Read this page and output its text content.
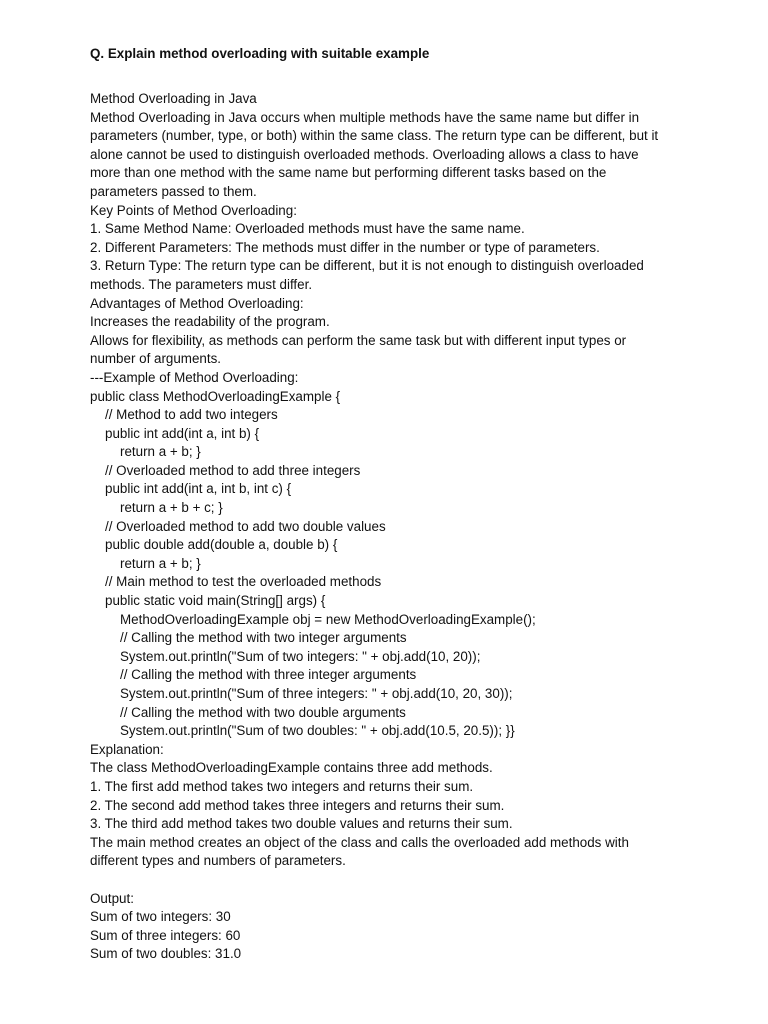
Q. Explain method overloading with suitable example

Method Overloading in Java

Method Overloading in Java occurs when multiple methods have the same name but differ in

parameters (number, type, or both) within the same class. The return type can be different, but it

alone cannot be used to distinguish overloaded methods. Overloading allows a class to have

more than one method with the same name but performing different tasks based on the

parameters passed to them.

Key Points of Method Overloading:

1. Same Method Name: Overloaded methods must have the same name.

2. Different Parameters: The methods must differ in the number or type of parameters.

3. Return Type: The return type can be different, but it is not enough to distinguish overloaded

methods. The parameters must differ.

Advantages of Method Overloading:

Increases the readability of the program.

Allows for flexibility, as methods can perform the same task but with different input types or

number of arguments.

---Example of Method Overloading:

public class MethodOverloadingExample {

// Method to add two integers

public int add(int a, int b) {

return a + b; }

// Overloaded method to add three integers

public int add(int a, int b, int c) {

return a + b + c; }

// Overloaded method to add two double values

public double add(double a, double b) {

return a + b; }

// Main method to test the overloaded methods

public static void main(String[] args) {

MethodOverloadingExample obj = new MethodOverloadingExample();

// Calling the method with two integer arguments

System.out.println("Sum of two integers: " + obj.add(10, 20));

// Calling the method with three integer arguments

System.out.println("Sum of three integers: " + obj.add(10, 20, 30));

// Calling the method with two double arguments

System.out.println("Sum of two doubles: " + obj.add(10.5, 20.5)); }}

Explanation:

The class MethodOverloadingExample contains three add methods.

1. The first add method takes two integers and returns their sum.

2. The second add method takes three integers and returns their sum.

3. The third add method takes two double values and returns their sum.

The main method creates an object of the class and calls the overloaded add methods with

different types and numbers of parameters.

Output:

Sum of two integers: 30

Sum of three integers: 60

Sum of two doubles: 31.0
